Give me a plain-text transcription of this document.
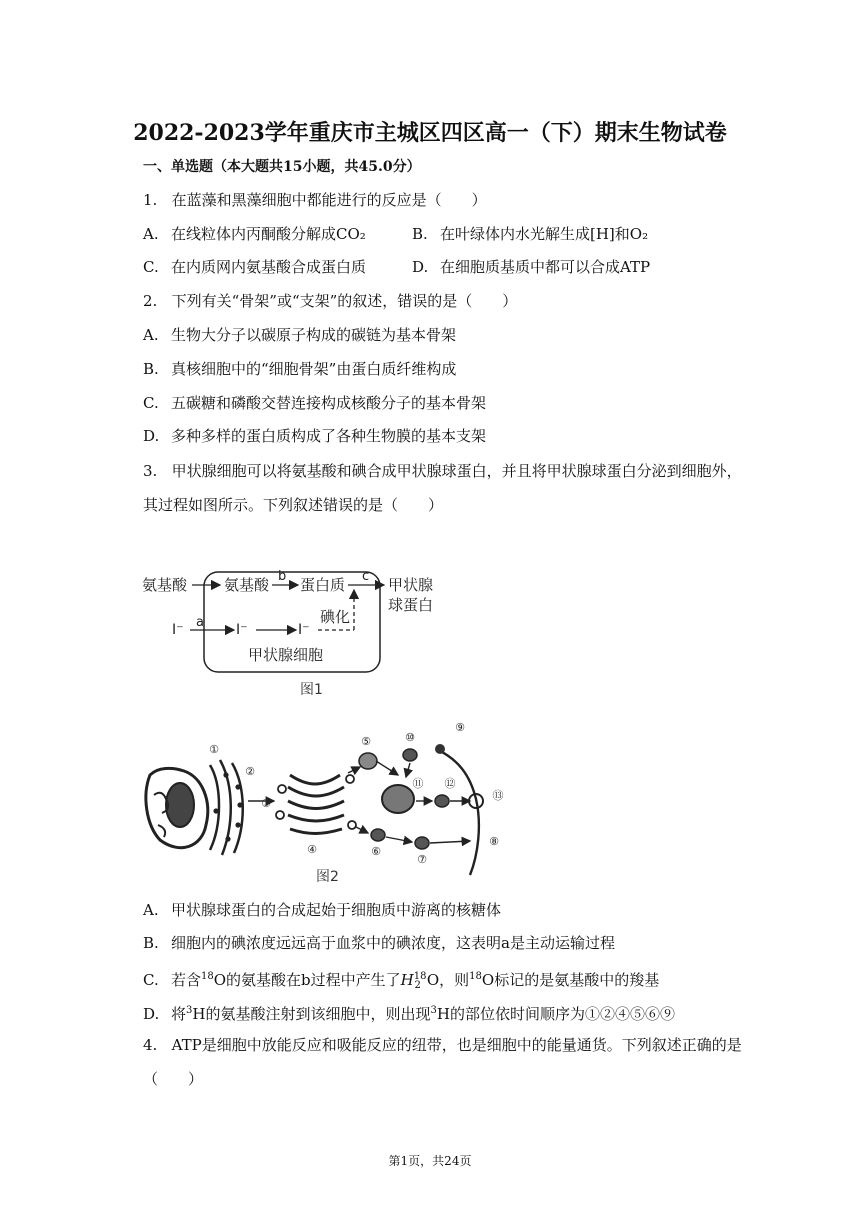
2022-2023学年重庆市主城区四区高一（下）期末生物试卷
一、单选题（本大题共15小题，共45.0分）
1. 在蓝藻和黑藻细胞中都能进行的反应是（　　）
A. 在线粒体内丙酮酸分解成CO₂	B. 在叶绿体内水光解生成[H]和O₂
C. 在内质网内氨基酸合成蛋白质	D. 在细胞质基质中都可以合成ATP
2. 下列有关“骨架”或“支架”的叙述，错误的是（　　）
A. 生物大分子以碳原子构成的碳链为基本骨架
B. 真核细胞中的“细胞骨架”由蛋白质纤维构成
C. 五碳糖和磷酸交替连接构成核酸分子的基本骨架
D. 多种多样的蛋白质构成了各种生物膜的基本支架
3. 甲状腺细胞可以将氨基酸和碘合成甲状腺球蛋白，并且将甲状腺球蛋白分泌到细胞外，
其过程如图所示。下列叙述错误的是（　　）
氨基酸 氨基酸 b 蛋白质 c 甲状腺
球蛋白
I⁻ a I⁻	I⁻
碘化
甲状腺细胞
图1
①
②
③
④
⑤
⑥
⑦
⑧
⑨
⑩
⑪ ⑫
⑬
图2
A. 甲状腺球蛋白的合成起始于细胞质中游离的核糖体
B. 细胞内的碘浓度远远高于血浆中的碘浓度，这表明a是主动运输过程
C. 若含$^{18}$O的氨基酸在b过程中产生了$H^{18}_2$ O，则$^{18}$O标记的是氨基酸中的羧基
D. 将$^3$H的氨基酸注射到该细胞中，则出现$^3$H的部位依时间顺序为①②④⑤⑥⑨
4. ATP是细胞中放能反应和吸能反应的纽带，也是细胞中的能量通货。下列叙述正确的是
（　　）
第1页，共24页
